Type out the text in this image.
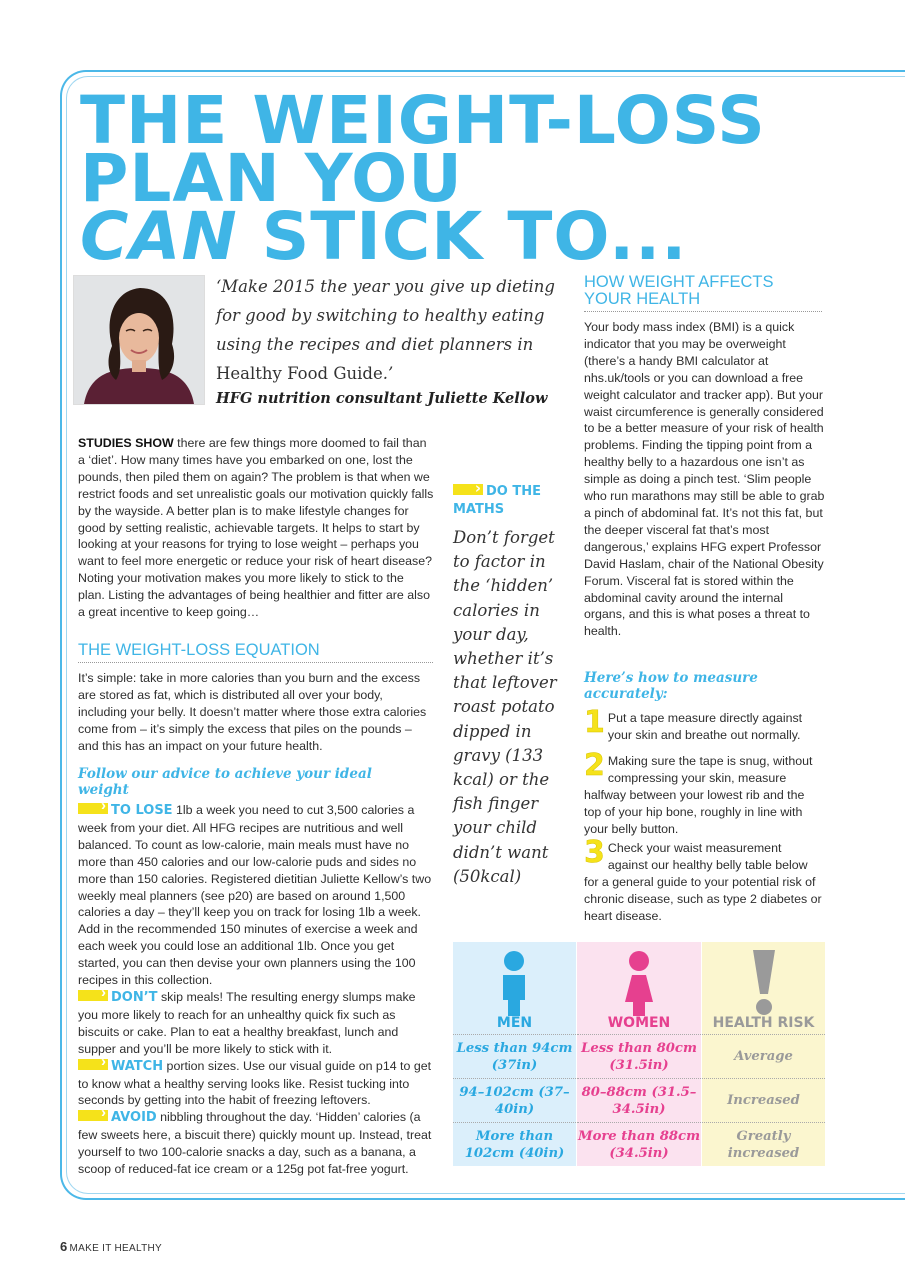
THE WEIGHT-LOSS
PLAN YOU
CAN STICK TO...

‘Make 2015 the year you give up dieting for good by switching to healthy eating using the recipes and diet planners in Healthy Food Guide.’

HFG nutrition consultant Juliette Kellow

STUDIES SHOW there are few things more doomed to fail than a ‘diet’. How many times have you embarked on one, lost the pounds, then piled them on again? The problem is that when we restrict foods and set unrealistic goals our motivation quickly falls by the wayside. A better plan is to make lifestyle changes for good by setting realistic, achievable targets. It helps to start by looking at your reasons for trying to lose weight – perhaps you want to feel more energetic or reduce your risk of heart disease? Noting your motivation makes you more likely to stick to the plan. Listing the advantages of being healthier and fitter are also a great incentive to keep going…

THE WEIGHT-LOSS EQUATION

It’s simple: take in more calories than you burn and the excess are stored as fat, which is distributed all over your body, including your belly. It doesn’t matter where those extra calories come from – it’s simply the excess that piles on the pounds – and this has an impact on your future health.

Follow our advice to achieve your ideal weight

›TO LOSE 1lb a week you need to cut 3,500 calories a week from your diet. All HFG recipes are nutritious and well balanced. To count as low-calorie, main meals must have no more than 450 calories and our low-calorie puds and sides no more than 150 calories. Registered dietitian Juliette Kellow’s two weekly meal planners (see p20) are based on around 1,500 calories a day – they’ll keep you on track for losing 1lb a week. Add in the recommended 150 minutes of exercise a week and each week you could lose an additional 1lb. Once you get started, you can then devise your own planners using the 100 recipes in this collection.

›DON’T skip meals! The resulting energy slumps make you more likely to reach for an unhealthy quick fix such as biscuits or cake. Plan to eat a healthy breakfast, lunch and supper and you’ll be more likely to stick with it.

›WATCH portion sizes. Use our visual guide on p14 to get to know what a healthy serving looks like. Resist tucking into seconds by getting into the habit of freezing leftovers.

›AVOID nibbling throughout the day. ‘Hidden’ calories (a few sweets here, a biscuit there) quickly mount up. Instead, treat yourself to two 100-calorie snacks a day, such as a banana, a scoop of reduced-fat ice cream or a 125g pot fat-free yogurt.

›DO THE MATHS

Don’t forget to factor in the ‘hidden’ calories in your day, whether it’s that leftover roast potato dipped in gravy (133 kcal) or the fish finger your child didn’t want (50kcal)

HOW WEIGHT AFFECTS YOUR HEALTH

Your body mass index (BMI) is a quick indicator that you may be overweight (there’s a handy BMI calculator at nhs.uk/tools or you can download a free weight calculator and tracker app). But your waist circumference is generally considered to be a better measure of your risk of health problems. Finding the tipping point from a healthy belly to a hazardous one isn’t as simple as doing a pinch test. ‘Slim people who run marathons may still be able to grab a pinch of abdominal fat. It’s not this fat, but the deeper visceral fat that’s most dangerous,’ explains HFG expert Professor David Haslam, chair of the National Obesity Forum. Visceral fat is stored within the abdominal cavity around the internal organs, and this is what poses a threat to health.

Here’s how to measure accurately:

1 Put a tape measure directly against your skin and breathe out normally.

2 Making sure the tape is snug, without compressing your skin, measure halfway between your lowest rib and the top of your hip bone, roughly in line with your belly button.

3 Check your waist measurement against our healthy belly table below for a general guide to your potential risk of chronic disease, such as type 2 diabetes or heart disease.

MEN

Less than 94cm (37in)
94–102cm (37–40in)
More than 102cm (40in)

WOMEN

Less than 80cm (31.5in)
80–88cm (31.5–34.5in)
More than 88cm (34.5in)

HEALTH RISK

Average
Increased
Greatly increased

6 MAKE IT HEALTHY
